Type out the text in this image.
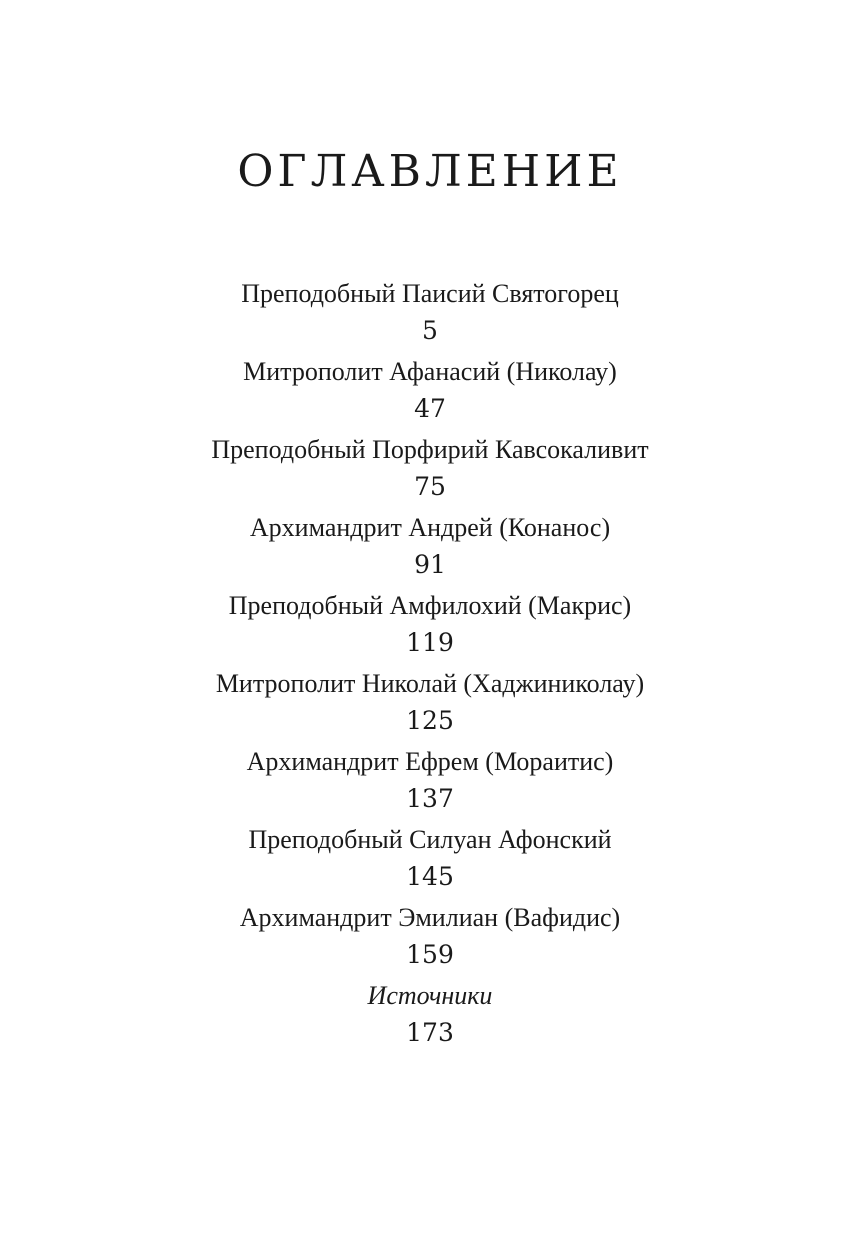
ОГЛАВЛЕНИЕ
Преподобный Паисий Святогорец
5
Митрополит Афанасий (Николау)
47
Преподобный Порфирий Кавсокаливит
75
Архимандрит Андрей (Конанос)
91
Преподобный Амфилохий (Макрис)
119
Митрополит Николай (Хаджиниколау)
125
Архимандрит Ефрем (Мораитис)
137
Преподобный Силуан Афонский
145
Архимандрит Эмилиан (Вафидис)
159
Источники
173
